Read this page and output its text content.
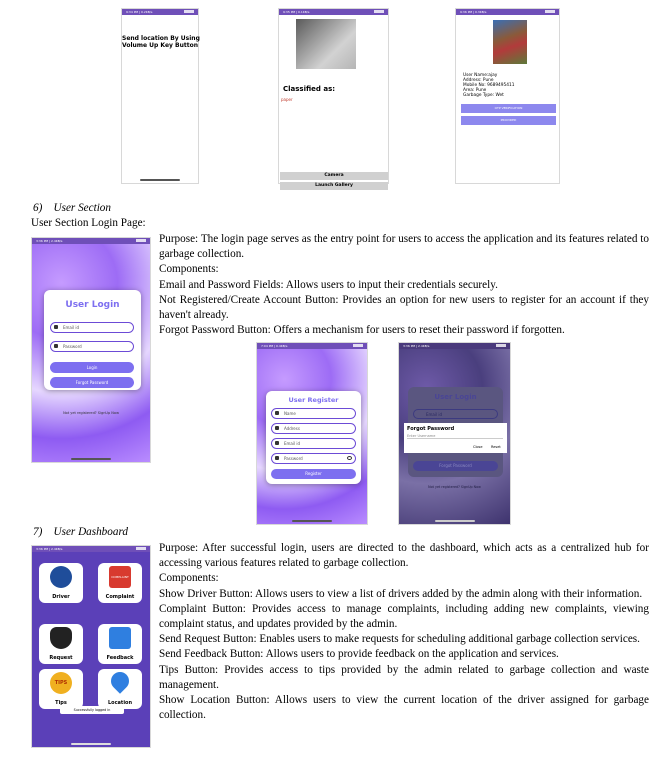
9:34 PM | 0.2KB/s
Send location By Using Volume Up Key Button
9:35 PM | 0.1KB/s
Classified as:
paper
Camera
Launch Gallery
9:36 PM | 0.3KB/s
User Name:ajay
Address: Pune
Mobile No: 9689495411
Area: Pune
Garbage Type: Wet
OTP VERIFICATION
PROVIDED
6) User Section
User Section Login Page:
Purpose: The login page serves as the entry point for users to access the application and its features related to garbage collection.
Components:
Email and Password Fields: Allows users to input their credentials securely.
Not Registered/Create Account Button: Provides an option for new users to register for an account if they haven't already.
Forgot Password Button: Offers a mechanism for users to reset their password if forgotten.
3:36 PM | 2.4KB/s
User Login
Email id
Password
Login
Forgot Password
Not yet registered? SignUp Now
7:04 PM | 0.4KB/s
User Register
Name
Address
Email id
Password
Register
3:36 PM | 2.4KB/s
User Login
Email id
Forgot Password
Forgot Password
Enter Username
Close Reset
Not yet registered? SignUp Now
7) User Dashboard
Purpose: After successful login, users are directed to the dashboard, which acts as a centralized hub for accessing various features related to garbage collection.
Components:
Show Driver Button: Allows users to view a list of drivers added by the admin along with their information.
Complaint Button: Provides access to manage complaints, including adding new complaints, viewing complaint status, and updates provided by the admin.
Send Request Button: Enables users to make requests for scheduling additional garbage collection services.
Send Feedback Button: Allows users to provide feedback on the application and services.
Tips Button: Provides access to tips provided by the admin related to garbage collection and waste management.
Show Location Button: Allows users to view the current location of the driver assigned for garbage collection.
3:36 PM | 2.4KB/s
Driver
COMPLAINT
Complaint
Request	Feedback
TIPS
Tips	Location
Successfully logged in
